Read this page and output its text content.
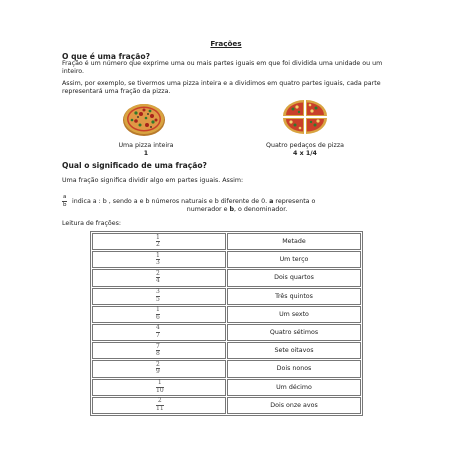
Frações
O que é uma fração?
Fração é um número que exprime uma ou mais partes iguais em que foi dividida uma unidade ou um inteiro.
Assim, por exemplo, se tivermos uma pizza inteira e a dividimos em quatro partes iguais, cada parte representará uma fração da pizza.
Uma pizza inteira
1
Quatro pedaços de pizza
4 x 1/4
Qual o significado de uma fração?
Uma fração significa dividir algo em partes iguais. Assim:
$\frac{a}{b}$ indica a : b , sendo a e b números naturais e b diferente de 0. a representa o
numerador e b, o denominador.
Leitura de frações:
$\frac{1}{2}$	Metade

$\frac{1}{3}$	Um terço

$\frac{2}{4}$	Dois quartos

$\frac{3}{5}$	Três quintos

$\frac{1}{6}$	Um sexto

$\frac{4}{7}$	Quatro sétimos

$\frac{7}{8}$	Sete oitavos

$\frac{2}{9}$	Dois nonos

$\frac{1}{10}$	Um décimo

$\frac{2}{11}$	Dois onze avos
